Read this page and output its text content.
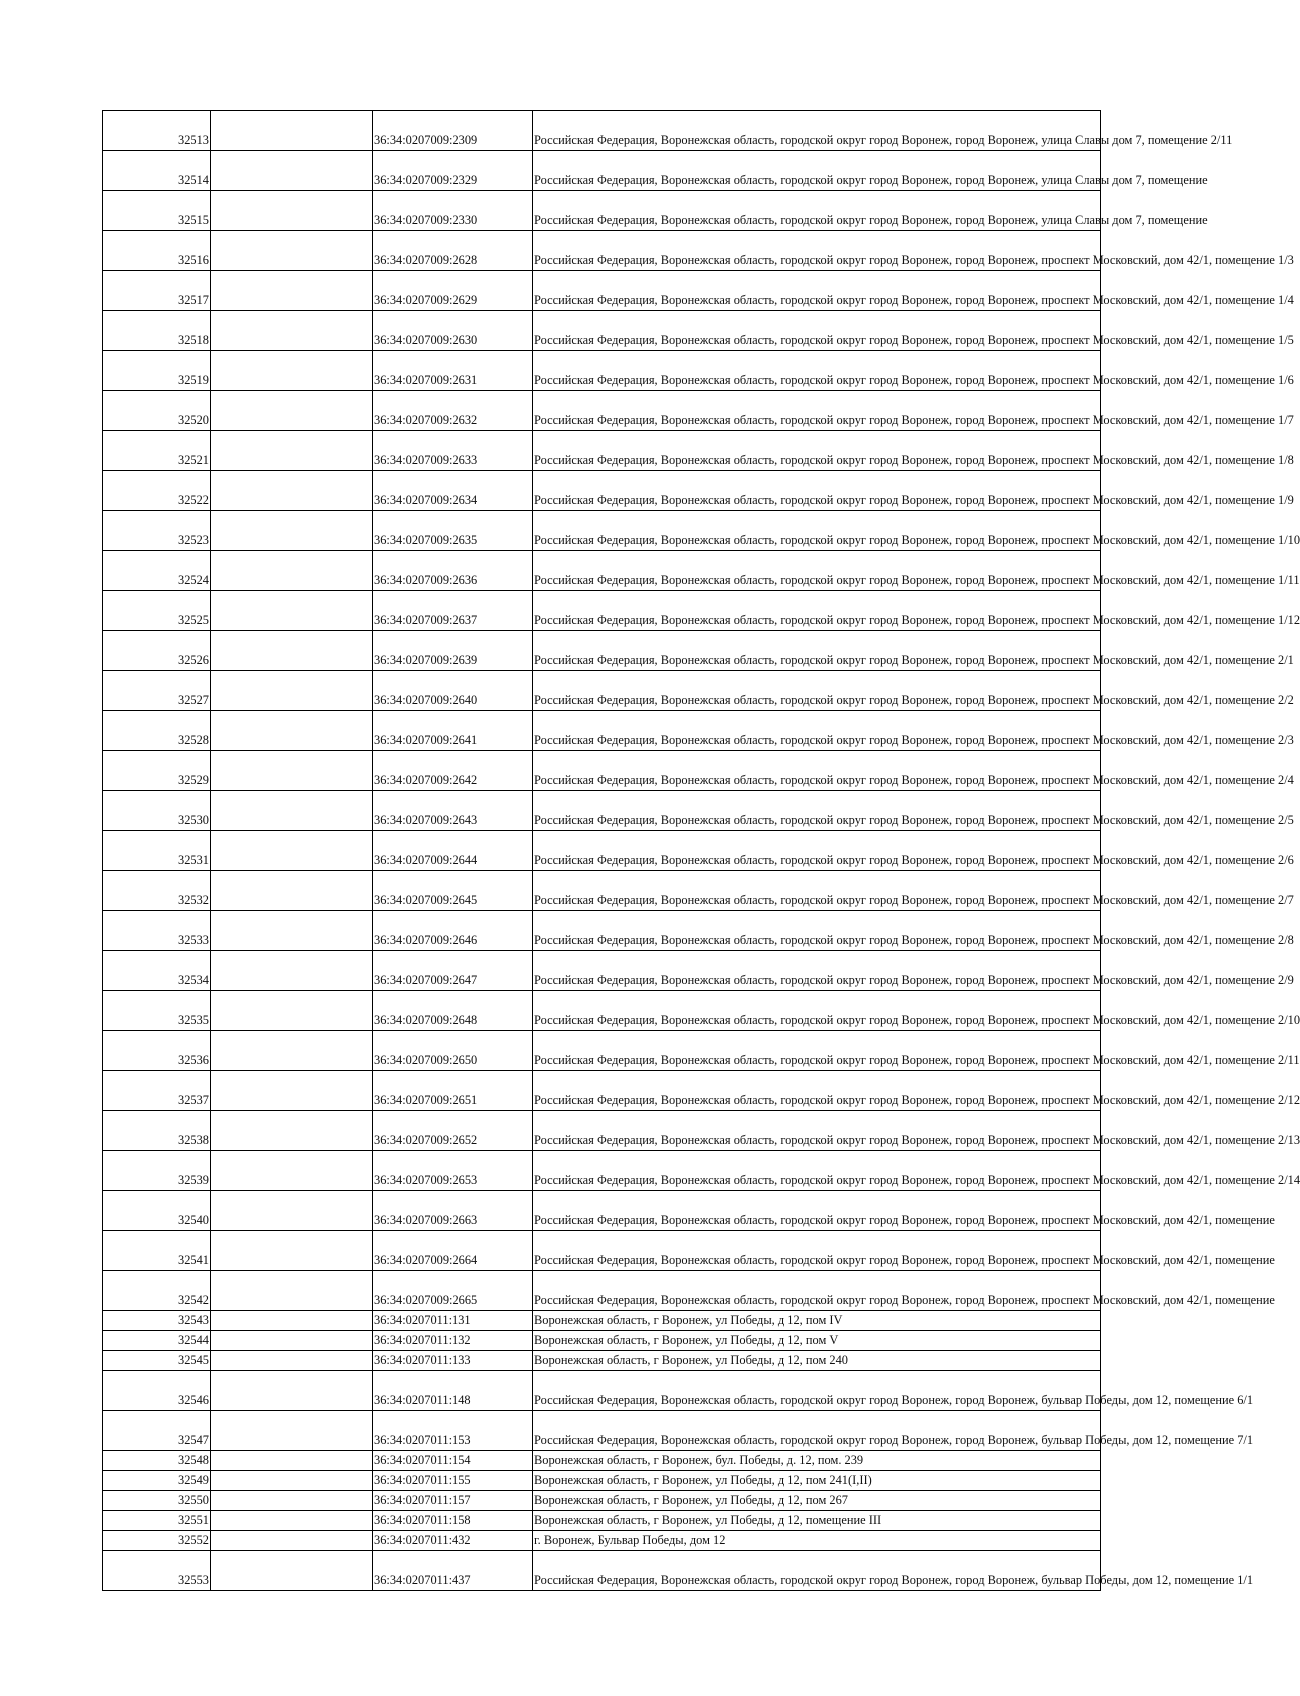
32513		36:34:0207009:2309	Российская Федерация, Воронежская область, городской округ город Воронеж, город Воронеж, улица Славы дом 7, помещение 2/11
32514		36:34:0207009:2329	Российская Федерация, Воронежская область, городской округ город Воронеж, город Воронеж, улица Славы дом 7, помещение
32515		36:34:0207009:2330	Российская Федерация, Воронежская область, городской округ город Воронеж, город Воронеж, улица Славы дом 7, помещение
32516		36:34:0207009:2628	Российская Федерация, Воронежская область, городской округ город Воронеж, город Воронеж, проспект Московский, дом 42/1, помещение 1/3
32517		36:34:0207009:2629	Российская Федерация, Воронежская область, городской округ город Воронеж, город Воронеж, проспект Московский, дом 42/1, помещение 1/4
32518		36:34:0207009:2630	Российская Федерация, Воронежская область, городской округ город Воронеж, город Воронеж, проспект Московский, дом 42/1, помещение 1/5
32519		36:34:0207009:2631	Российская Федерация, Воронежская область, городской округ город Воронеж, город Воронеж, проспект Московский, дом 42/1, помещение 1/6
32520		36:34:0207009:2632	Российская Федерация, Воронежская область, городской округ город Воронеж, город Воронеж, проспект Московский, дом 42/1, помещение 1/7
32521		36:34:0207009:2633	Российская Федерация, Воронежская область, городской округ город Воронеж, город Воронеж, проспект Московский, дом 42/1, помещение 1/8
32522		36:34:0207009:2634	Российская Федерация, Воронежская область, городской округ город Воронеж, город Воронеж, проспект Московский, дом 42/1, помещение 1/9
32523		36:34:0207009:2635	Российская Федерация, Воронежская область, городской округ город Воронеж, город Воронеж, проспект Московский, дом 42/1, помещение 1/10
32524		36:34:0207009:2636	Российская Федерация, Воронежская область, городской округ город Воронеж, город Воронеж, проспект Московский, дом 42/1, помещение 1/11
32525		36:34:0207009:2637	Российская Федерация, Воронежская область, городской округ город Воронеж, город Воронеж, проспект Московский, дом 42/1, помещение 1/12
32526		36:34:0207009:2639	Российская Федерация, Воронежская область, городской округ город Воронеж, город Воронеж, проспект Московский, дом 42/1, помещение 2/1
32527		36:34:0207009:2640	Российская Федерация, Воронежская область, городской округ город Воронеж, город Воронеж, проспект Московский, дом 42/1, помещение 2/2
32528		36:34:0207009:2641	Российская Федерация, Воронежская область, городской округ город Воронеж, город Воронеж, проспект Московский, дом 42/1, помещение 2/3
32529		36:34:0207009:2642	Российская Федерация, Воронежская область, городской округ город Воронеж, город Воронеж, проспект Московский, дом 42/1, помещение 2/4
32530		36:34:0207009:2643	Российская Федерация, Воронежская область, городской округ город Воронеж, город Воронеж, проспект Московский, дом 42/1, помещение 2/5
32531		36:34:0207009:2644	Российская Федерация, Воронежская область, городской округ город Воронеж, город Воронеж, проспект Московский, дом 42/1, помещение 2/6
32532		36:34:0207009:2645	Российская Федерация, Воронежская область, городской округ город Воронеж, город Воронеж, проспект Московский, дом 42/1, помещение 2/7
32533		36:34:0207009:2646	Российская Федерация, Воронежская область, городской округ город Воронеж, город Воронеж, проспект Московский, дом 42/1, помещение 2/8
32534		36:34:0207009:2647	Российская Федерация, Воронежская область, городской округ город Воронеж, город Воронеж, проспект Московский, дом 42/1, помещение 2/9
32535		36:34:0207009:2648	Российская Федерация, Воронежская область, городской округ город Воронеж, город Воронеж, проспект Московский, дом 42/1, помещение 2/10
32536		36:34:0207009:2650	Российская Федерация, Воронежская область, городской округ город Воронеж, город Воронеж, проспект Московский, дом 42/1, помещение 2/11
32537		36:34:0207009:2651	Российская Федерация, Воронежская область, городской округ город Воронеж, город Воронеж, проспект Московский, дом 42/1, помещение 2/12
32538		36:34:0207009:2652	Российская Федерация, Воронежская область, городской округ город Воронеж, город Воронеж, проспект Московский, дом 42/1, помещение 2/13
32539		36:34:0207009:2653	Российская Федерация, Воронежская область, городской округ город Воронеж, город Воронеж, проспект Московский, дом 42/1, помещение 2/14
32540		36:34:0207009:2663	Российская Федерация, Воронежская область, городской округ город Воронеж, город Воронеж, проспект Московский, дом 42/1, помещение
32541		36:34:0207009:2664	Российская Федерация, Воронежская область, городской округ город Воронеж, город Воронеж, проспект Московский, дом 42/1, помещение
32542		36:34:0207009:2665	Российская Федерация, Воронежская область, городской округ город Воронеж, город Воронеж, проспект Московский, дом 42/1, помещение
32543		36:34:0207011:131	Воронежская область, г Воронеж, ул Победы, д 12, пом IV
32544		36:34:0207011:132	Воронежская область, г Воронеж, ул Победы, д 12, пом V
32545		36:34:0207011:133	Воронежская область, г Воронеж, ул Победы, д 12, пом 240
32546		36:34:0207011:148	Российская Федерация, Воронежская область, городской округ город Воронеж, город Воронеж, бульвар Победы, дом 12, помещение 6/1
32547		36:34:0207011:153	Российская Федерация, Воронежская область, городской округ город Воронеж, город Воронеж, бульвар Победы, дом 12, помещение 7/1
32548		36:34:0207011:154	Воронежская область, г Воронеж, бул. Победы, д. 12, пом. 239
32549		36:34:0207011:155	Воронежская область, г Воронеж, ул Победы, д 12, пом 241(I,II)
32550		36:34:0207011:157	Воронежская область, г Воронеж, ул Победы, д 12, пом 267
32551		36:34:0207011:158	Воронежская область, г Воронеж, ул Победы, д 12, помещение III
32552		36:34:0207011:432	г. Воронеж, Бульвар Победы, дом 12
32553		36:34:0207011:437	Российская Федерация, Воронежская область, городской округ город Воронеж, город Воронеж, бульвар Победы, дом 12, помещение 1/1
